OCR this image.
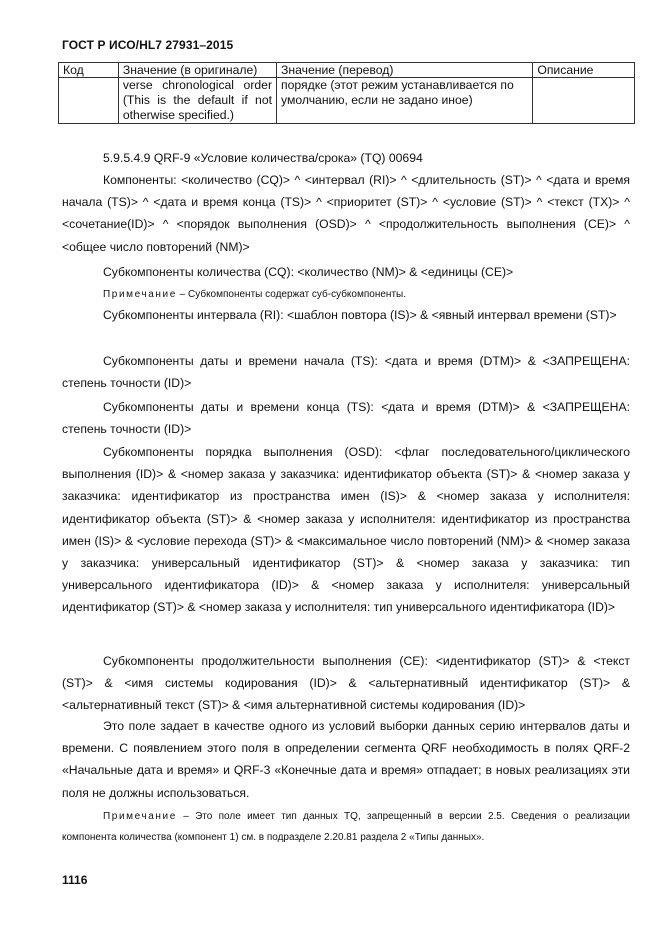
ГОСТ Р ИСО/HL7 27931–2015
Код	Значение (в оригинале)	Значение (перевод)	Описание
	verse chronological order (This is the default if not otherwise specified.)	порядке (этот режим устанавливается по умолчанию, если не задано иное)	
5.9.5.4.9 QRF-9 «Условие количества/срока» (TQ) 00694
Компоненты: <количество (CQ)> ^ <интервал (RI)> ^ <длительность (ST)> ^ <дата и время начала (TS)> ^ <дата и время конца (TS)> ^ <приоритет (ST)> ^ <условие (ST)> ^ <текст (TX)> ^ <сочетание(ID)> ^ <порядок выполнения (OSD)> ^ <продолжительность выполнения (CE)> ^ <общее число повторений (NM)>
Субкомпоненты количества (CQ): <количество (NM)> & <единицы (CE)>
Примечание – Субкомпоненты содержат суб-субкомпоненты.
Субкомпоненты интервала (RI): <шаблон повтора (IS)> & <явный интервал времени (ST)>
Субкомпоненты даты и времени начала (TS): <дата и время (DTM)> & <ЗАПРЕЩЕНА: степень точности (ID)>
Субкомпоненты даты и времени конца (TS): <дата и время (DTM)> & <ЗАПРЕЩЕНА: степень точности (ID)>
Субкомпоненты порядка выполнения (OSD): <флаг последовательного/циклического выполнения (ID)> & <номер заказа у заказчика: идентификатор объекта (ST)> & <номер заказа у заказчика: идентификатор из пространства имен (IS)> & <номер заказа у исполнителя: идентификатор объекта (ST)> & <номер заказа у исполнителя: идентификатор из пространства имен (IS)> & <условие перехода (ST)> & <максимальное число повторений (NM)> & <номер заказа у заказчика: универсальный идентификатор (ST)> & <номер заказа у заказчика: тип универсального идентификатора (ID)> & <номер заказа у исполнителя: универсальный идентификатор (ST)> & <номер заказа у исполнителя: тип универсального идентификатора (ID)>
Субкомпоненты продолжительности выполнения (CE): <идентификатор (ST)> & <текст (ST)> & <имя системы кодирования (ID)> & <альтернативный идентификатор (ST)> & <альтернативный текст (ST)> & <имя альтернативной системы кодирования (ID)>
Это поле задает в качестве одного из условий выборки данных серию интервалов даты и времени. С появлением этого поля в определении сегмента QRF необходимость в полях QRF-2 «Начальные дата и время» и QRF-3 «Конечные дата и время» отпадает; в новых реализациях эти поля не должны использоваться.
Примечание – Это поле имеет тип данных TQ, запрещенный в версии 2.5. Сведения о реализации компонента количества (компонент 1) см. в подразделе 2.20.81 раздела 2 «Типы данных».
1116
